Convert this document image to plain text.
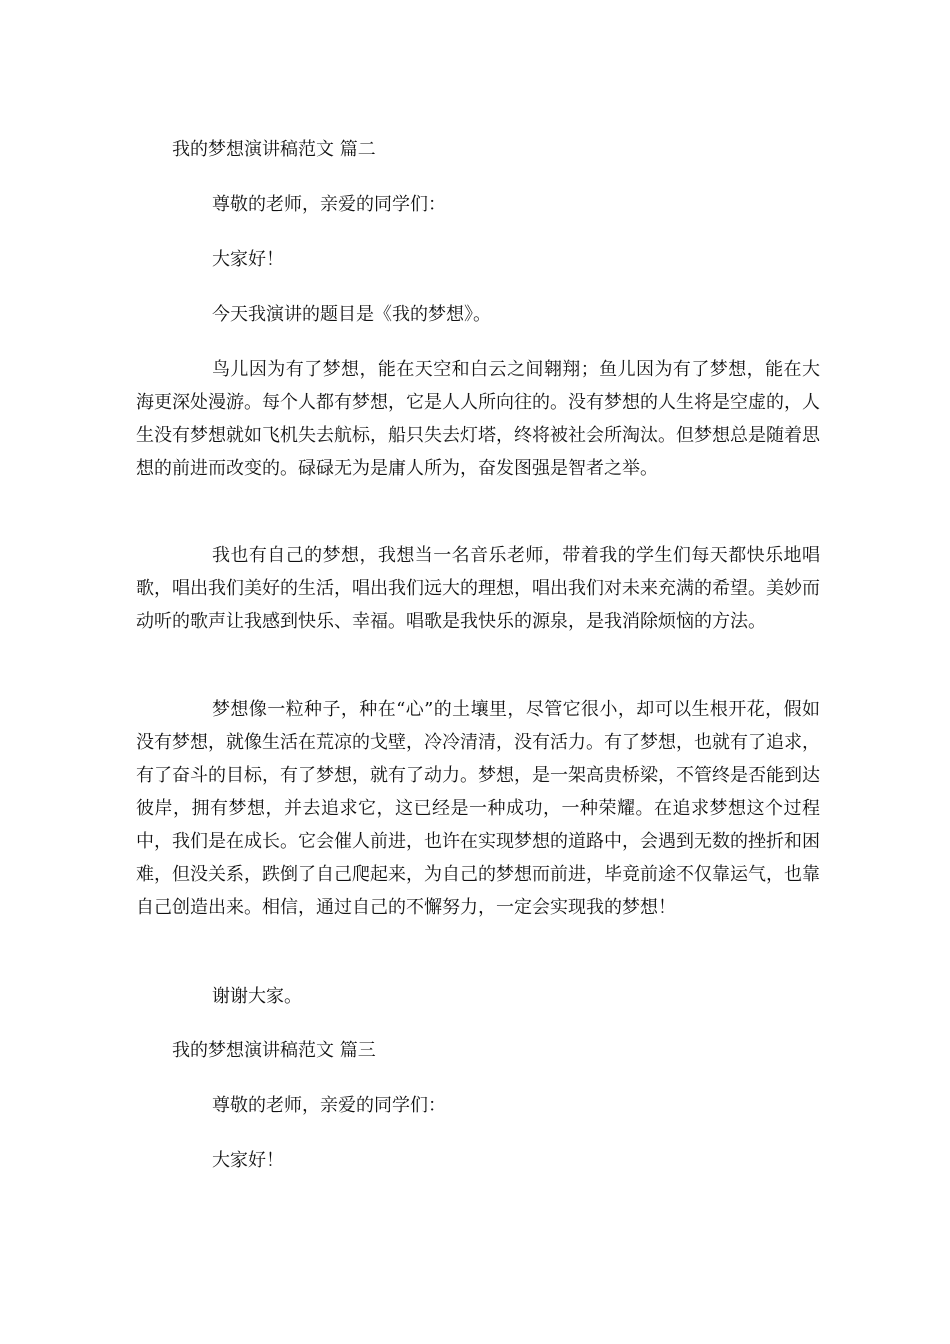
我的梦想演讲稿范文 篇二
尊敬的老师，亲爱的同学们：
大家好！
今天我演讲的题目是《我的梦想》。

鸟儿因为有了梦想，能在天空和白云之间翱翔；鱼儿因为有了梦想，能在大海更深处漫游。每个人都有梦想，它是人人所向往的。没有梦想的人生将是空虚的，人生没有梦想就如飞机失去航标，船只失去灯塔，终将被社会所淘汰。但梦想总是随着思想的前进而改变的。碌碌无为是庸人所为，奋发图强是智者之举。

我也有自己的梦想，我想当一名音乐老师，带着我的学生们每天都快乐地唱歌，唱出我们美好的生活，唱出我们远大的理想，唱出我们对未来充满的希望。美妙而动听的歌声让我感到快乐、幸福。唱歌是我快乐的源泉，是我消除烦恼的方法。

梦想像一粒种子，种在“心”的土壤里，尽管它很小，却可以生根开花，假如没有梦想，就像生活在荒凉的戈壁，冷冷清清，没有活力。有了梦想，也就有了追求，有了奋斗的目标，有了梦想，就有了动力。梦想，是一架高贵桥梁，不管终是否能到达彼岸，拥有梦想，并去追求它，这已经是一种成功，一种荣耀。在追求梦想这个过程中，我们是在成长。它会催人前进，也许在实现梦想的道路中，会遇到无数的挫折和困难，但没关系，跌倒了自己爬起来，为自己的梦想而前进，毕竟前途不仅靠运气，也靠自己创造出来。相信，通过自己的不懈努力，一定会实现我的梦想！

谢谢大家。
我的梦想演讲稿范文 篇三
尊敬的老师，亲爱的同学们：
大家好！
